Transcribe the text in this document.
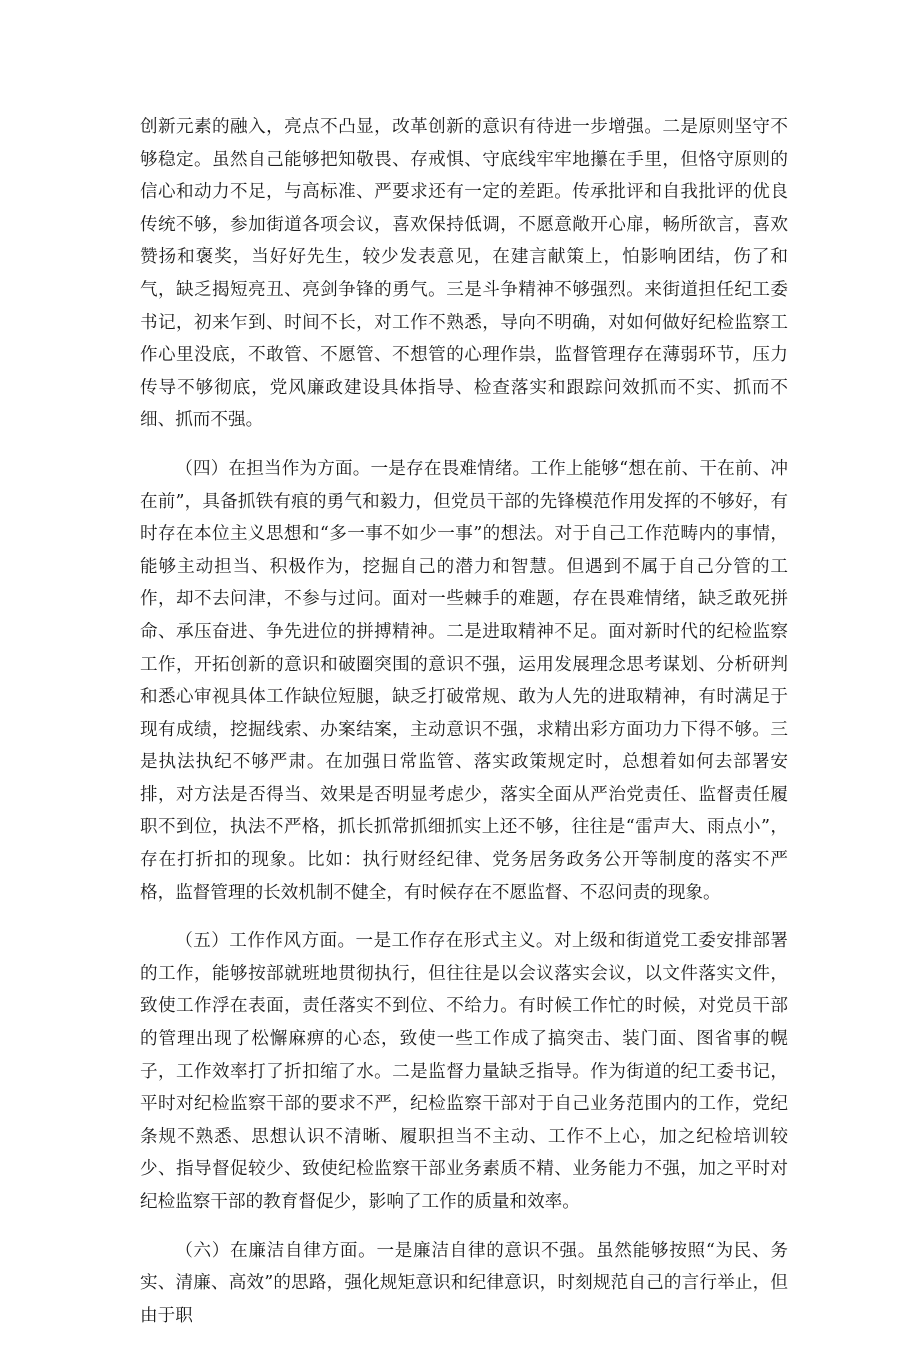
创新元素的融入，亮点不凸显，改革创新的意识有待进一步增强。二是原则坚守不够稳定。虽然自己能够把知敬畏、存戒惧、守底线牢牢地攥在手里，但恪守原则的信心和动力不足，与高标准、严要求还有一定的差距。传承批评和自我批评的优良传统不够，参加街道各项会议，喜欢保持低调，不愿意敞开心扉，畅所欲言，喜欢赞扬和褒奖，当好好先生，较少发表意见，在建言献策上，怕影响团结，伤了和气，缺乏揭短亮丑、亮剑争锋的勇气。三是斗争精神不够强烈。来街道担任纪工委书记，初来乍到、时间不长，对工作不熟悉，导向不明确，对如何做好纪检监察工作心里没底，不敢管、不愿管、不想管的心理作祟，监督管理存在薄弱环节，压力传导不够彻底，党风廉政建设具体指导、检查落实和跟踪问效抓而不实、抓而不细、抓而不强。

（四）在担当作为方面。一是存在畏难情绪。工作上能够“想在前、干在前、冲在前”，具备抓铁有痕的勇气和毅力，但党员干部的先锋模范作用发挥的不够好，有时存在本位主义思想和“多一事不如少一事”的想法。对于自己工作范畴内的事情，能够主动担当、积极作为，挖掘自己的潜力和智慧。但遇到不属于自己分管的工作，却不去问津，不参与过问。面对一些棘手的难题，存在畏难情绪，缺乏敢死拼命、承压奋进、争先进位的拼搏精神。二是进取精神不足。面对新时代的纪检监察工作，开拓创新的意识和破圈突围的意识不强，运用发展理念思考谋划、分析研判和悉心审视具体工作缺位短腿，缺乏打破常规、敢为人先的进取精神，有时满足于现有成绩，挖掘线索、办案结案，主动意识不强，求精出彩方面功力下得不够。三是执法执纪不够严肃。在加强日常监管、落实政策规定时，总想着如何去部署安排，对方法是否得当、效果是否明显考虑少，落实全面从严治党责任、监督责任履职不到位，执法不严格，抓长抓常抓细抓实上还不够，往往是“雷声大、雨点小”，存在打折扣的现象。比如：执行财经纪律、党务居务政务公开等制度的落实不严格，监督管理的长效机制不健全，有时候存在不愿监督、不忍问责的现象。

（五）工作作风方面。一是工作存在形式主义。对上级和街道党工委安排部署的工作，能够按部就班地贯彻执行，但往往是以会议落实会议，以文件落实文件，致使工作浮在表面，责任落实不到位、不给力。有时候工作忙的时候，对党员干部的管理出现了松懈麻痹的心态，致使一些工作成了搞突击、装门面、图省事的幌子，工作效率打了折扣缩了水。二是监督力量缺乏指导。作为街道的纪工委书记，平时对纪检监察干部的要求不严，纪检监察干部对于自己业务范围内的工作，党纪条规不熟悉、思想认识不清晰、履职担当不主动、工作不上心，加之纪检培训较少、指导督促较少、致使纪检监察干部业务素质不精、业务能力不强，加之平时对纪检监察干部的教育督促少，影响了工作的质量和效率。

（六）在廉洁自律方面。一是廉洁自律的意识不强。虽然能够按照“为民、务实、清廉、高效”的思路，强化规矩意识和纪律意识，时刻规范自己的言行举止，但由于职
